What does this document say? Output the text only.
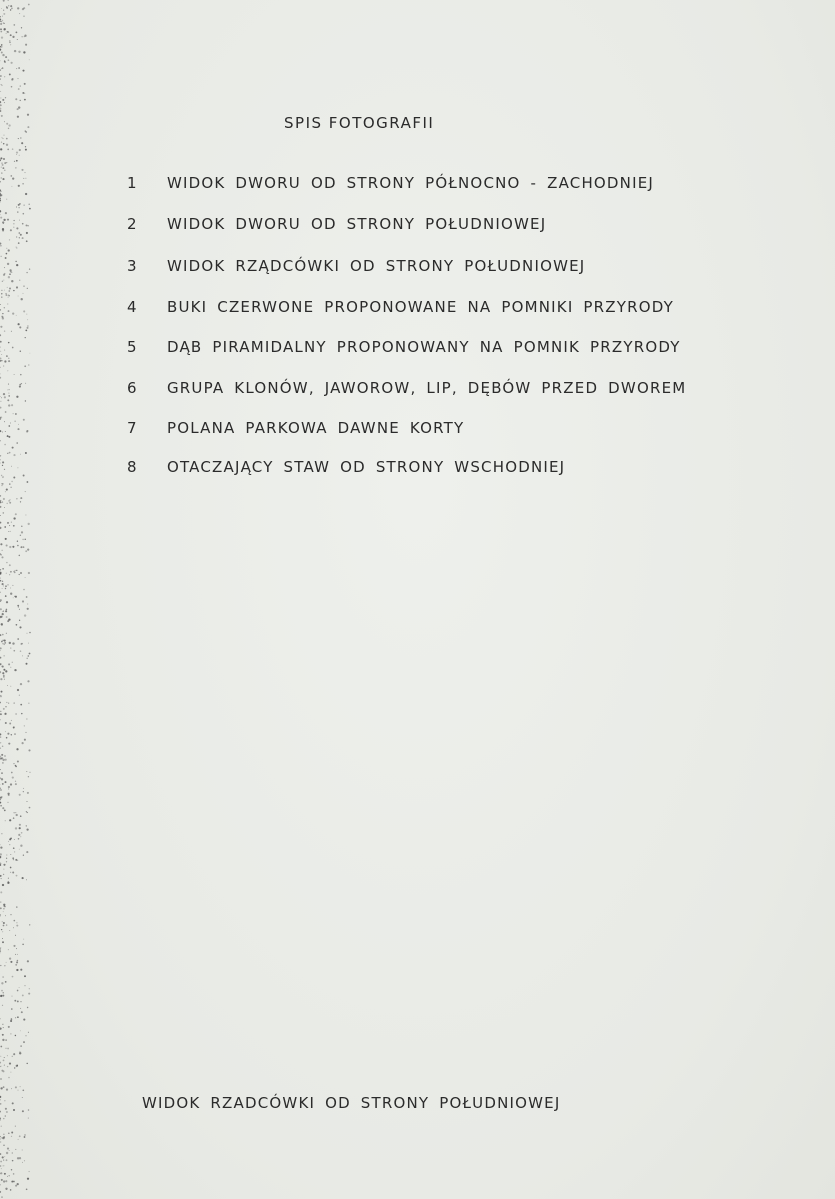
SPIS FOTOGRAFII
1 WIDOK DWORU OD STRONY PÓŁNOCNO - ZACHODNIEJ
2 WIDOK DWORU OD STRONY POŁUDNIOWEJ
3 WIDOK RZĄDCÓWKI OD STRONY POŁUDNIOWEJ
4 BUKI CZERWONE PROPONOWANE NA POMNIKI PRZYRODY
5 DĄB PIRAMIDALNY PROPONOWANY NA POMNIK PRZYRODY
6 GRUPA KLONÓW, JAWOROW, LIP, DĘBÓW PRZED DWOREM
7 POLANA PARKOWA DAWNE KORTY
8 OTACZAJĄCY STAW OD STRONY WSCHODNIEJ
WIDOK RZADCÓWKI OD STRONY POŁUDNIOWEJ
